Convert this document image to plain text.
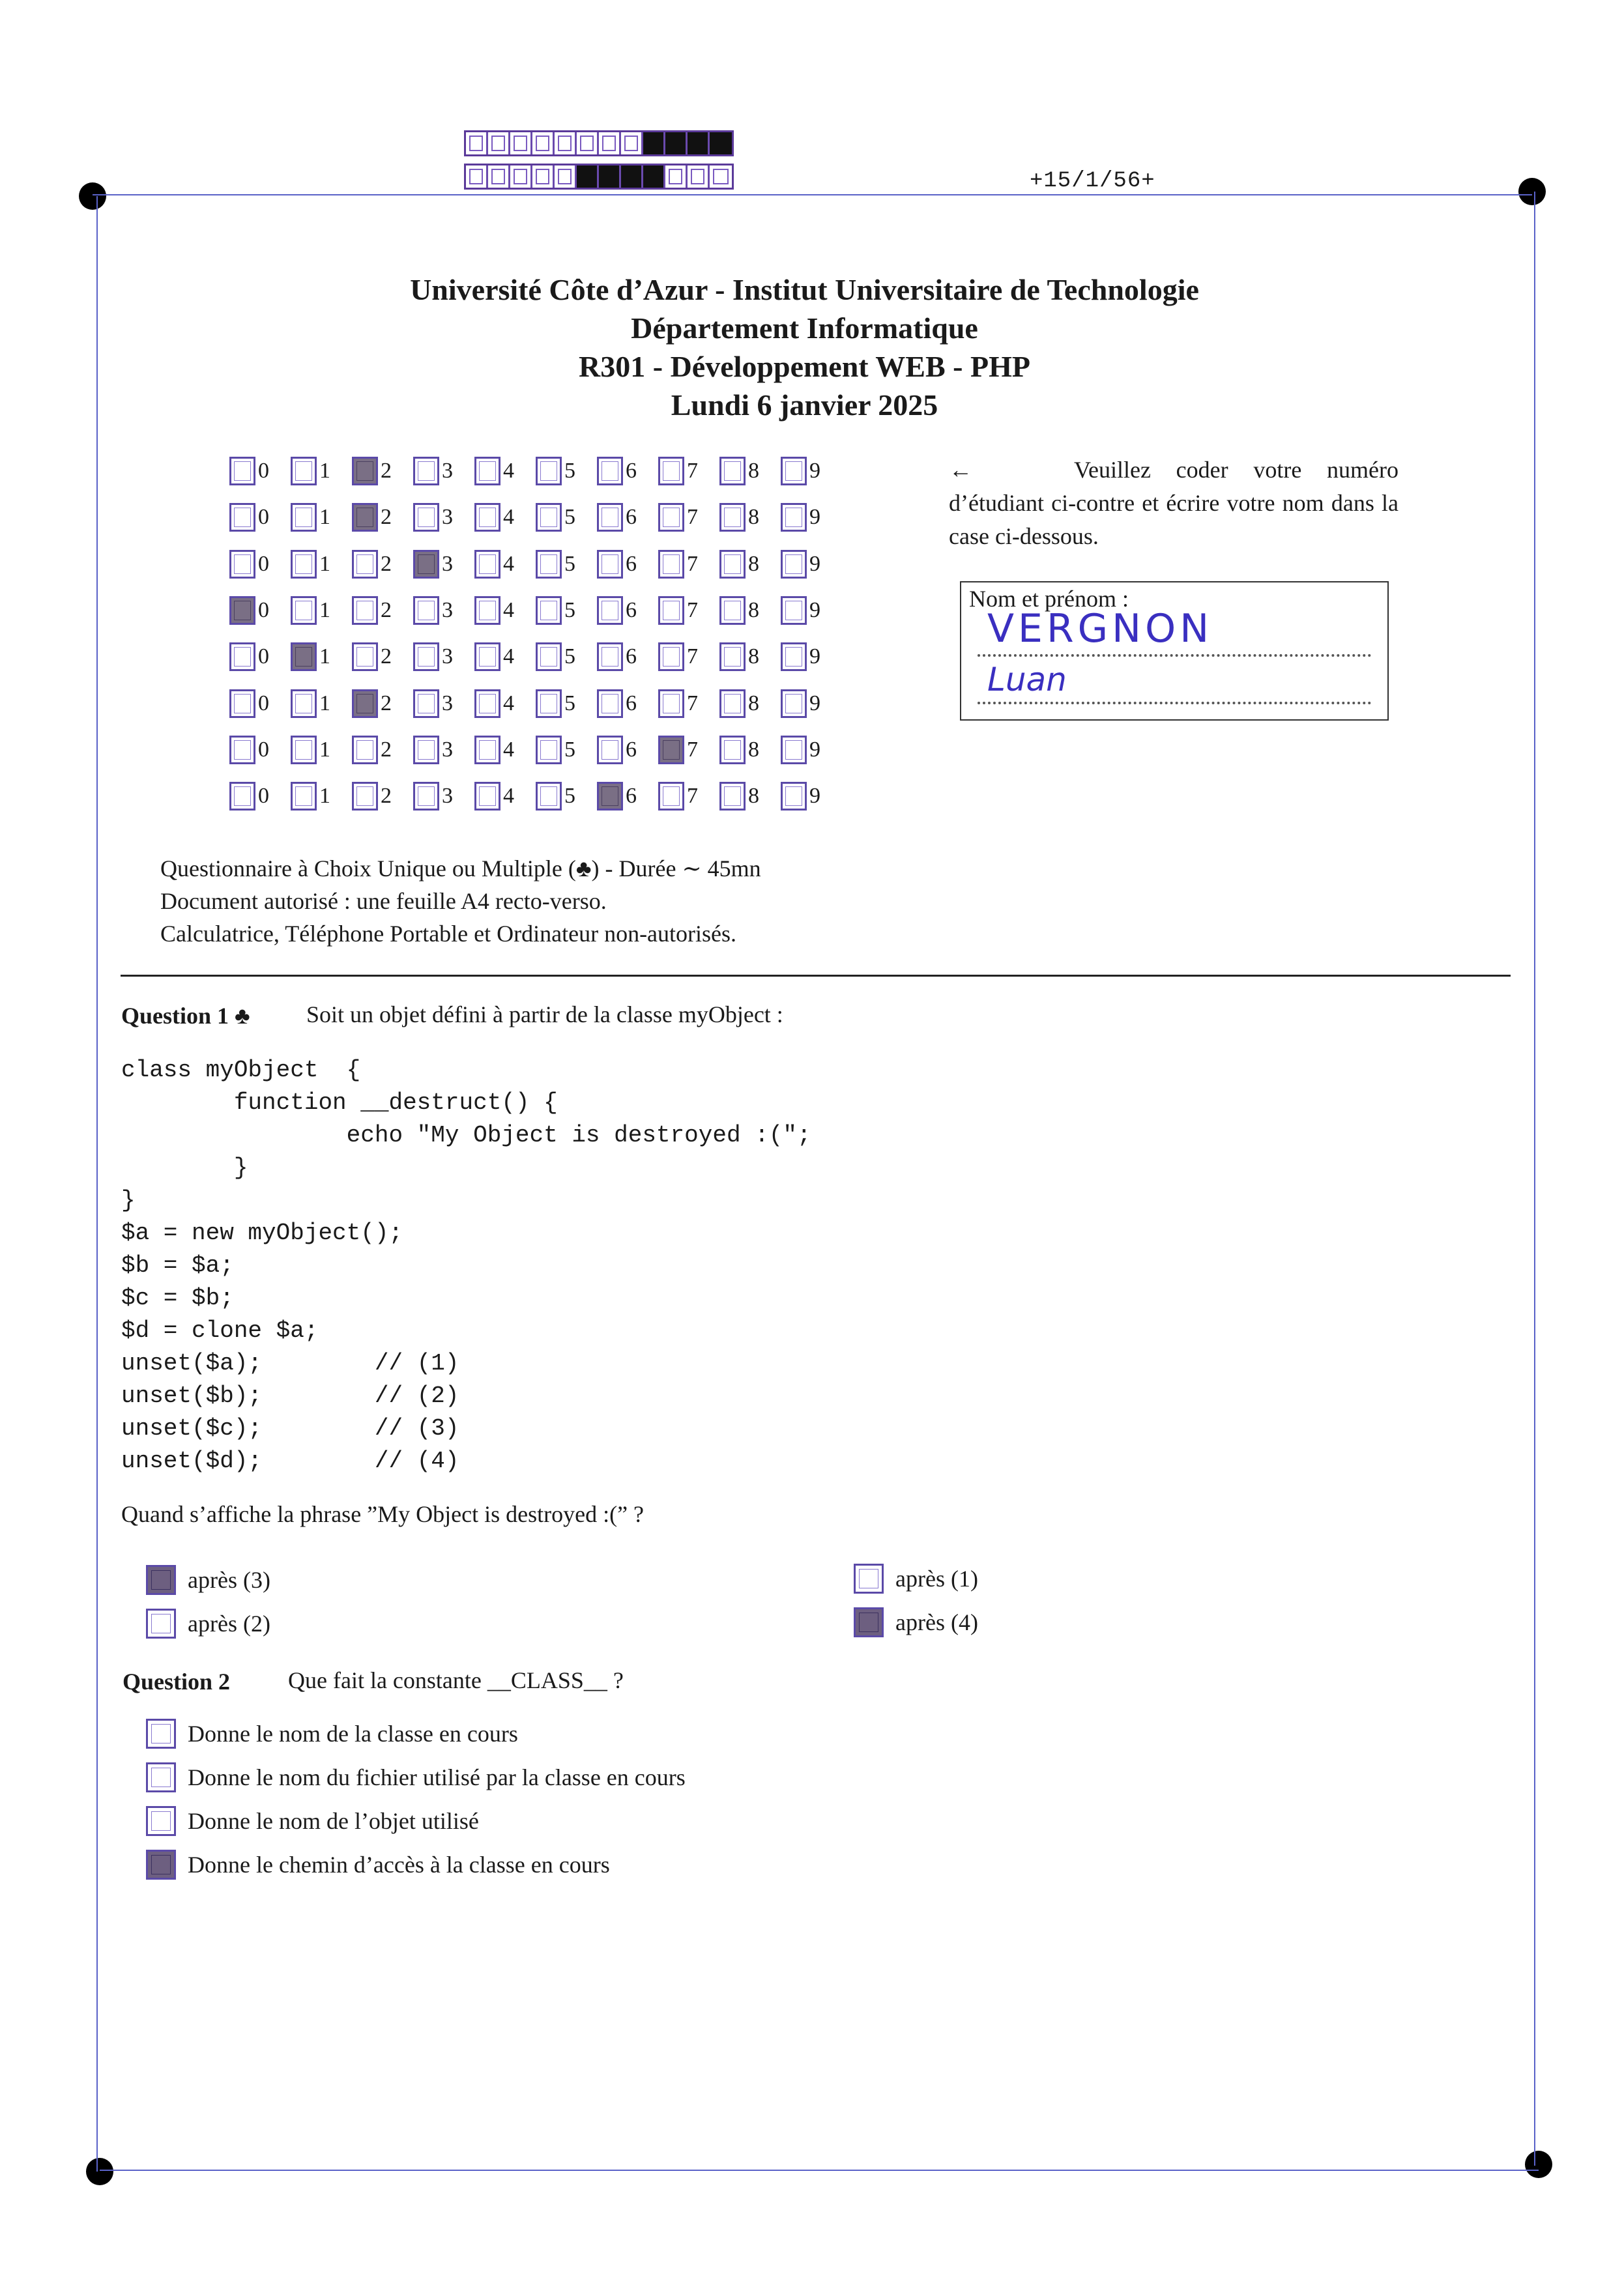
+15/1/56+
Université Côte d’Azur - Institut Universitaire de Technologie
Département Informatique
R301 - Développement WEB - PHP
Lundi 6 janvier 2025
0 1 2 3 4 5 6 7 8 9
0 1 2 3 4 5 6 7 8 9
0 1 2 3 4 5 6 7 8 9
0 1 2 3 4 5 6 7 8 9
0 1 2 3 4 5 6 7 8 9
0 1 2 3 4 5 6 7 8 9
0 1 2 3 4 5 6 7 8 9
0 1 2 3 4 5 6 7 8 9
←	Veuillez coder votre numéro d’étudiant ci-contre et écrire votre nom dans la case ci-dessous.
Nom et prénom :
VERGNON
Luan
Questionnaire à Choix Unique ou Multiple (♣) - Durée ∼ 45mn
Document autorisé : une feuille A4 recto-verso.
Calculatrice, Téléphone Portable et Ordinateur non-autorisés.
Question 1 ♣ Soit un objet défini à partir de la classe myObject :
class myObject  {
function __destruct() {
echo "My Object is destroyed :(";
}
}
$a = new myObject();
$b = $a;
$c = $b;
$d = clone $a;
unset($a);        // (1)
unset($b);        // (2)
unset($c);        // (3)
unset($d);        // (4)
Quand s’affiche la phrase ”My Object is destroyed :(” ?
après (3)
après (2)
après (1)
après (4)
Question 2 Que fait la constante __CLASS__ ?
Donne le nom de la classe en cours
Donne le nom du fichier utilisé par la classe en cours
Donne le nom de l’objet utilisé
Donne le chemin d’accès à la classe en cours
